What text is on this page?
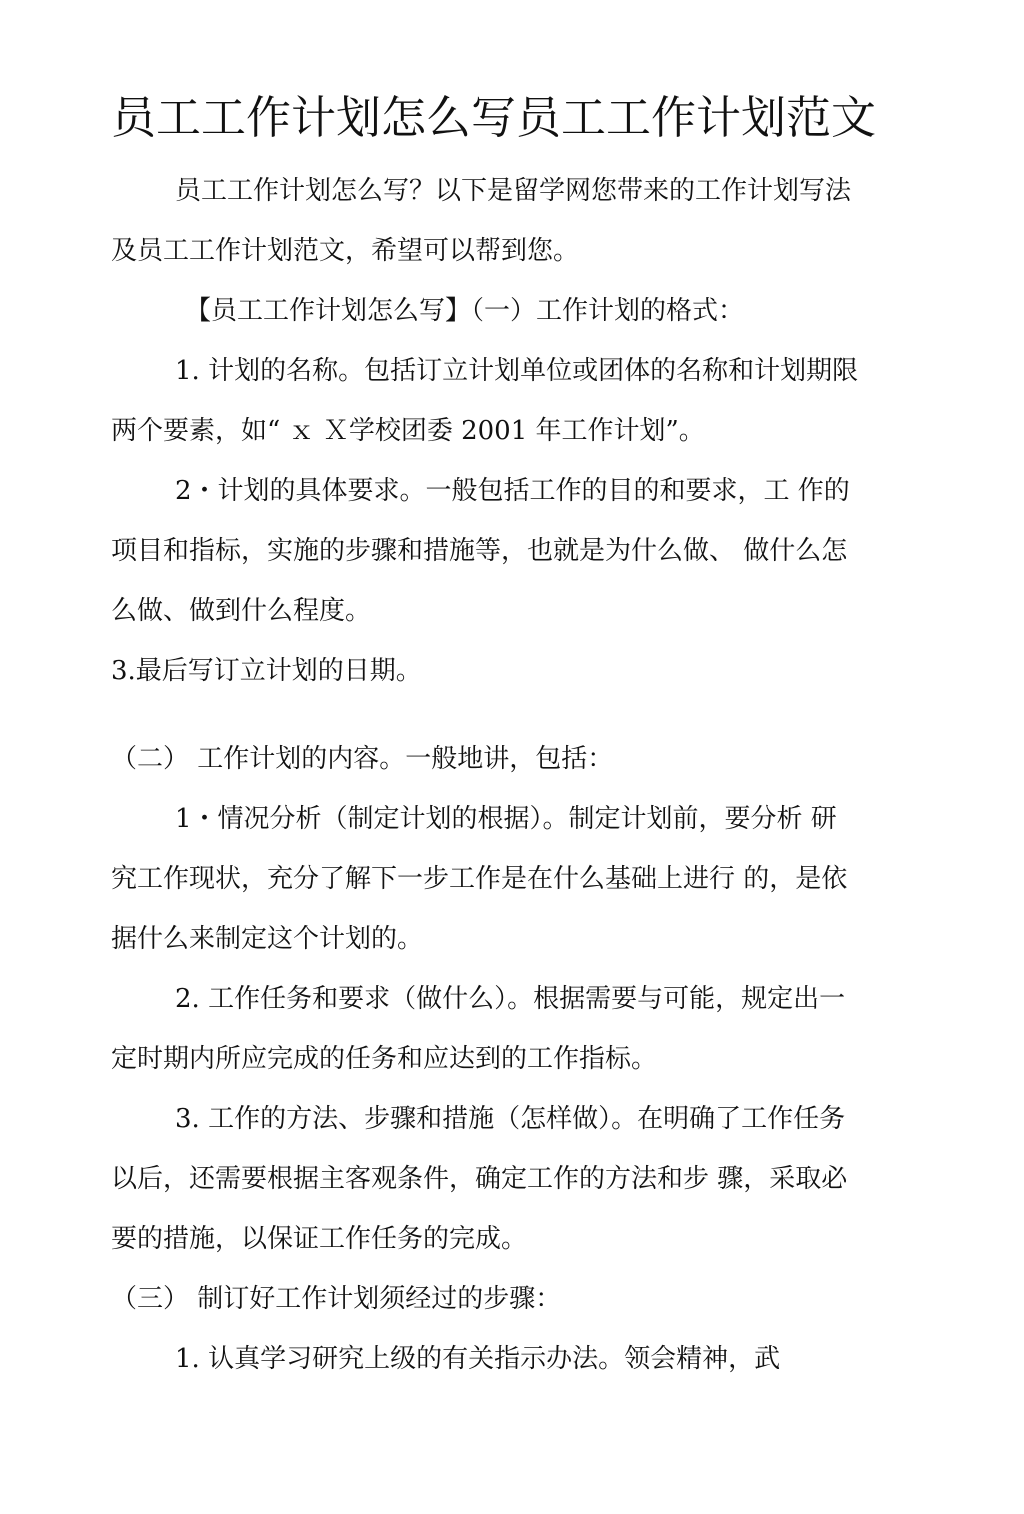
员工工作计划怎么写员工工作计划范文
员工工作计划怎么写？以下是留学网您带来的工作计划写法
及员工工作计划范文，希望可以帮到您。
【员工工作计划怎么写】（一）工作计划的格式：
1. 计划的名称。包括订立计划单位或团体的名称和计划期限
两个要素，如“ ｘ Ｘ学校团委 2001 年工作计划”。
2・计划的具体要求。一般包括工作的目的和要求，工 作的
项目和指标，实施的步骤和措施等，也就是为什么做、 做什么怎
么做、做到什么程度。
3.最后写订立计划的日期。
（二） 工作计划的内容。一般地讲，包括：
1・情况分析（制定计划的根据）。制定计划前，要分析 研
究工作现状，充分了解下一步工作是在什么基础上进行 的，是依
据什么来制定这个计划的。
2. 工作任务和要求（做什么）。根据需要与可能，规定出一
定时期内所应完成的任务和应达到的工作指标。
3. 工作的方法、步骤和措施（怎样做）。在明确了工作任务
以后，还需要根据主客观条件，确定工作的方法和步 骤，采取必
要的措施，以保证工作任务的完成。
（三） 制订好工作计划须经过的步骤：
1. 认真学习研究上级的有关指示办法。领会精神，武
